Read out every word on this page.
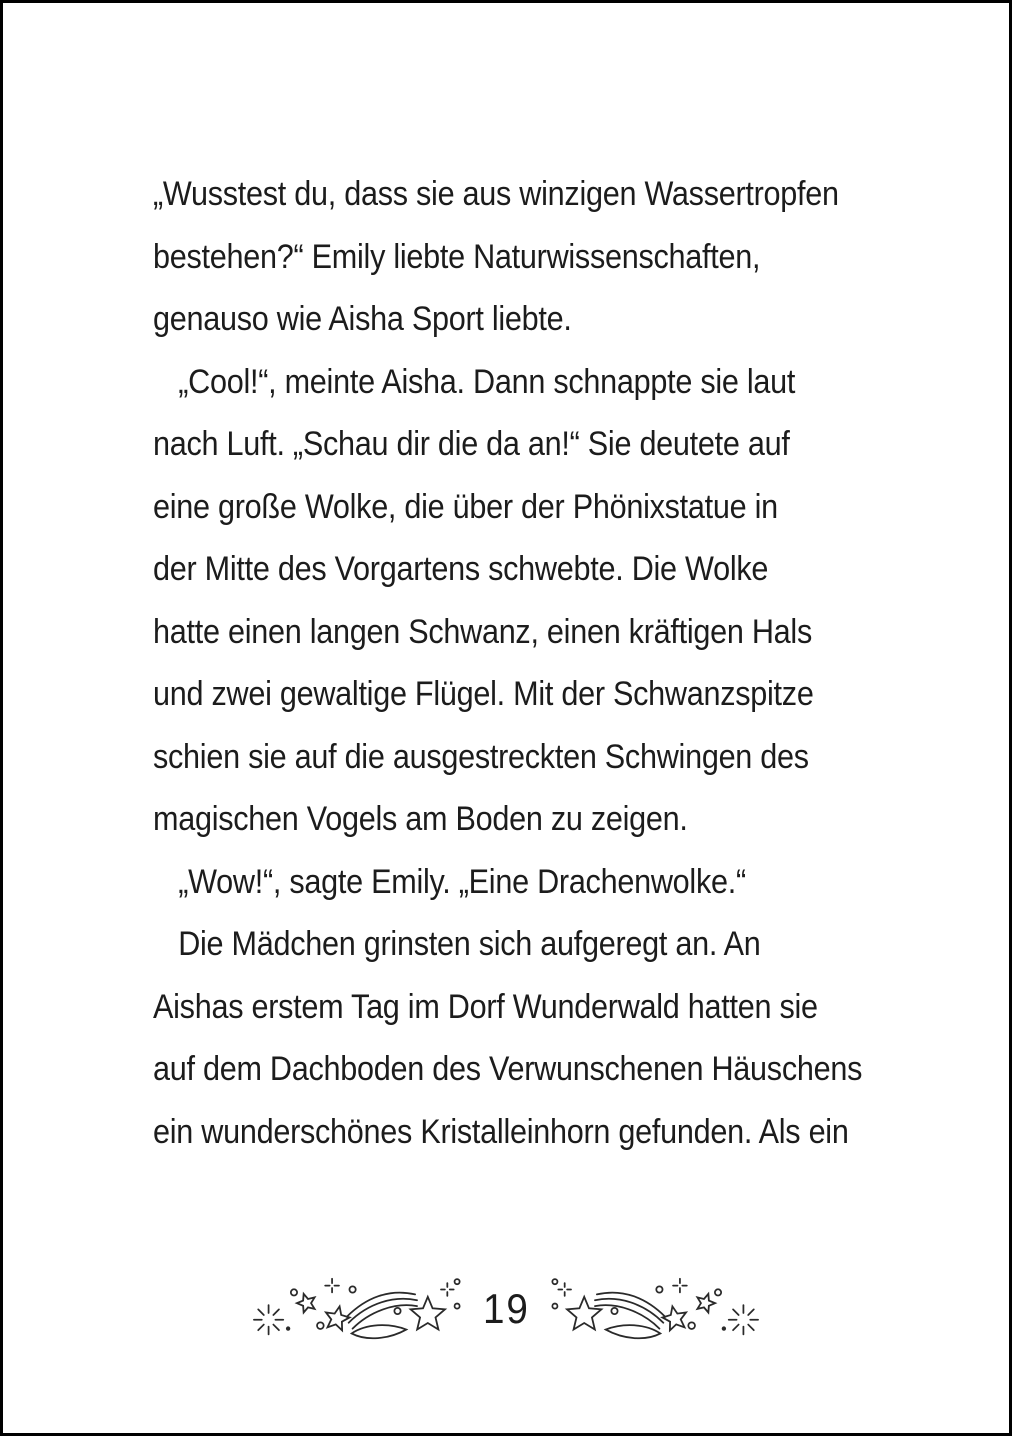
„Wusstest du, dass sie aus winzigen Wassertropfen

bestehen?“ Emily liebte Naturwissenschaften,

genauso wie Aisha Sport liebte.

„Cool!“, meinte Aisha. Dann schnappte sie laut

nach Luft. „Schau dir die da an!“ Sie deutete auf

eine große Wolke, die über der Phönixstatue in

der Mitte des Vorgartens schwebte. Die Wolke

hatte einen langen Schwanz, einen kräftigen Hals

und zwei gewaltige Flügel. Mit der Schwanzspitze

schien sie auf die ausgestreckten Schwingen des

magischen Vogels am Boden zu zeigen.

„Wow!“, sagte Emily. „Eine Drachenwolke.“

Die Mädchen grinsten sich aufgeregt an. An

Aishas erstem Tag im Dorf Wunderwald hatten sie

auf dem Dachboden des Verwunschenen Häuschens

ein wunderschönes Kristalleinhorn gefunden. Als ein

19
